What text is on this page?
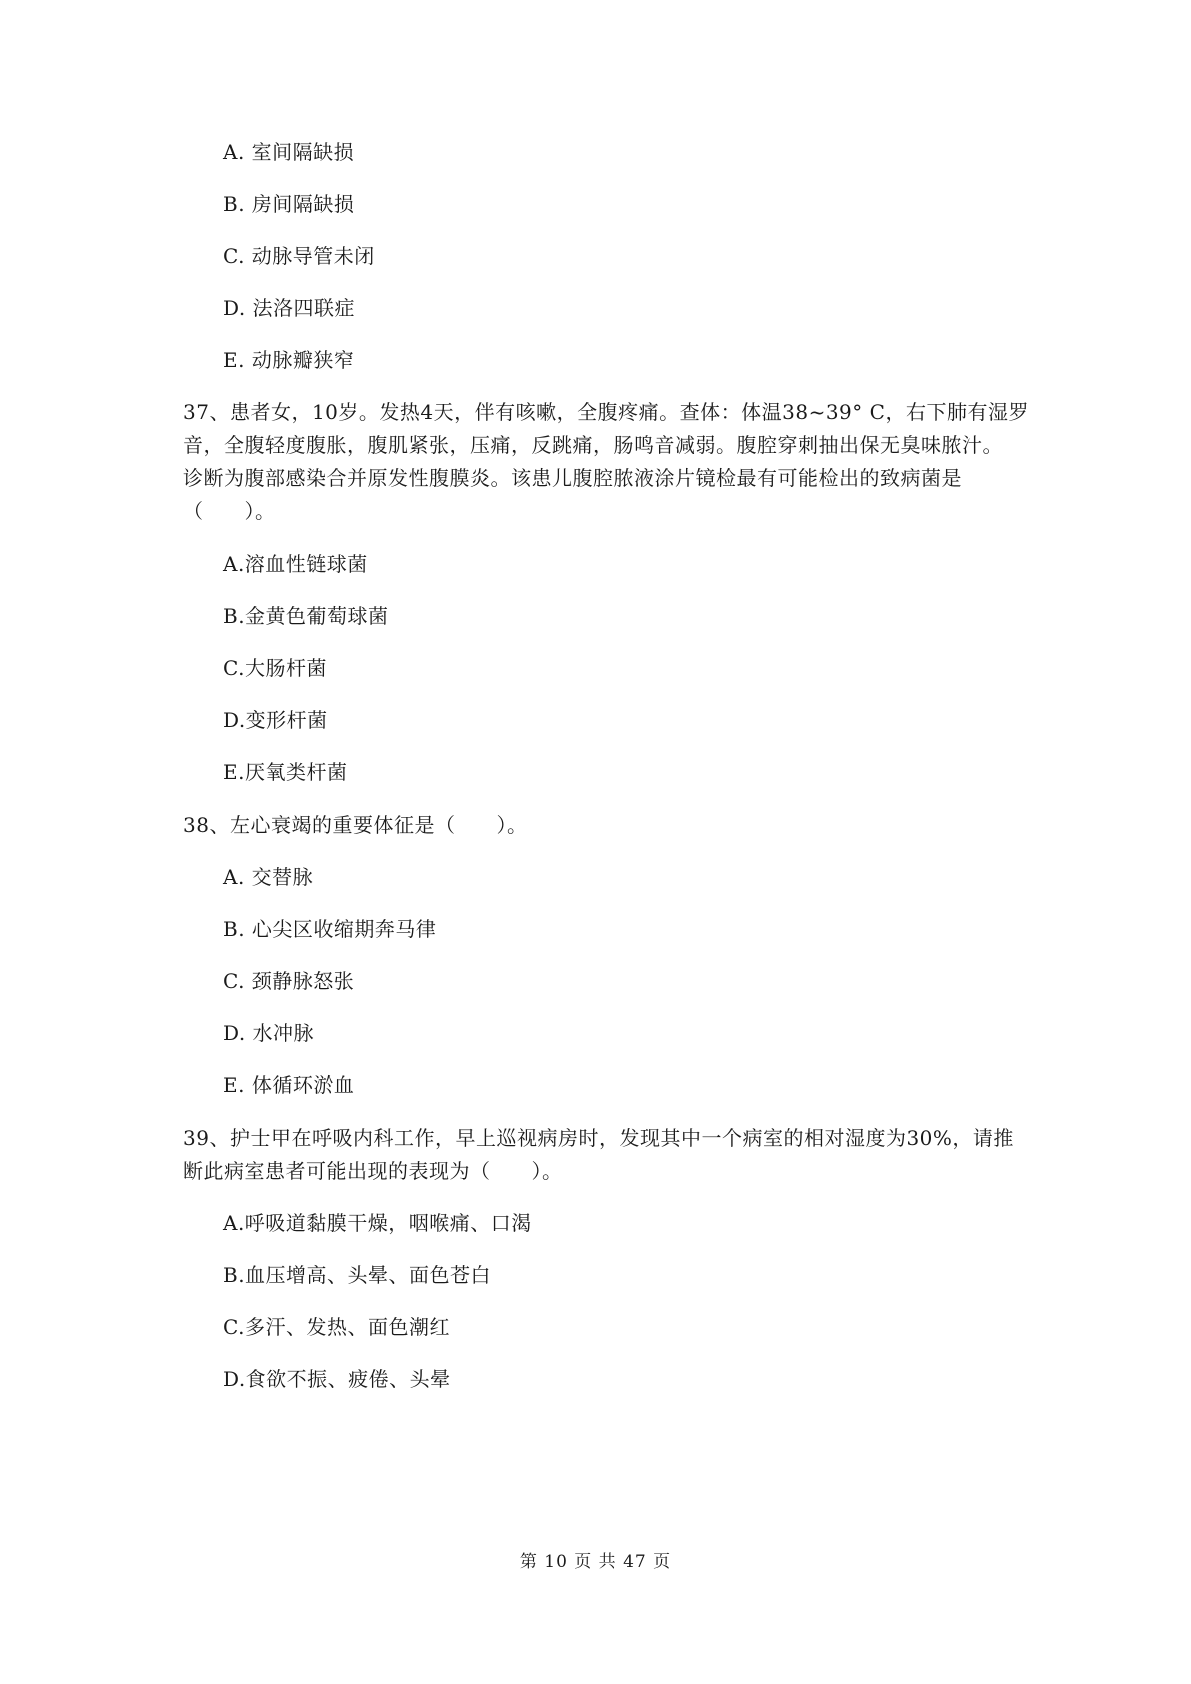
A. 室间隔缺损
B. 房间隔缺损
C. 动脉导管未闭
D. 法洛四联症
E. 动脉瓣狭窄
37、患者女，10岁。发热4天，伴有咳嗽，全腹疼痛。查体：体温38~39° C，右下肺有湿罗
音，全腹轻度腹胀，腹肌紧张，压痛，反跳痛，肠鸣音减弱。腹腔穿刺抽出保无臭味脓汁。
诊断为腹部感染合并原发性腹膜炎。该患儿腹腔脓液涂片镜检最有可能检出的致病菌是
（　　）。
A.溶血性链球菌
B.金黄色葡萄球菌
C.大肠杆菌
D.变形杆菌
E.厌氧类杆菌
38、左心衰竭的重要体征是（　　）。
A. 交替脉
B. 心尖区收缩期奔马律
C. 颈静脉怒张
D. 水冲脉
E. 体循环淤血
39、护士甲在呼吸内科工作，早上巡视病房时，发现其中一个病室的相对湿度为30%，请推
断此病室患者可能出现的表现为（　　）。
A.呼吸道黏膜干燥，咽喉痛、口渴
B.血压增高、头晕、面色苍白
C.多汗、发热、面色潮红
D.食欲不振、疲倦、头晕
第 10 页 共 47 页
